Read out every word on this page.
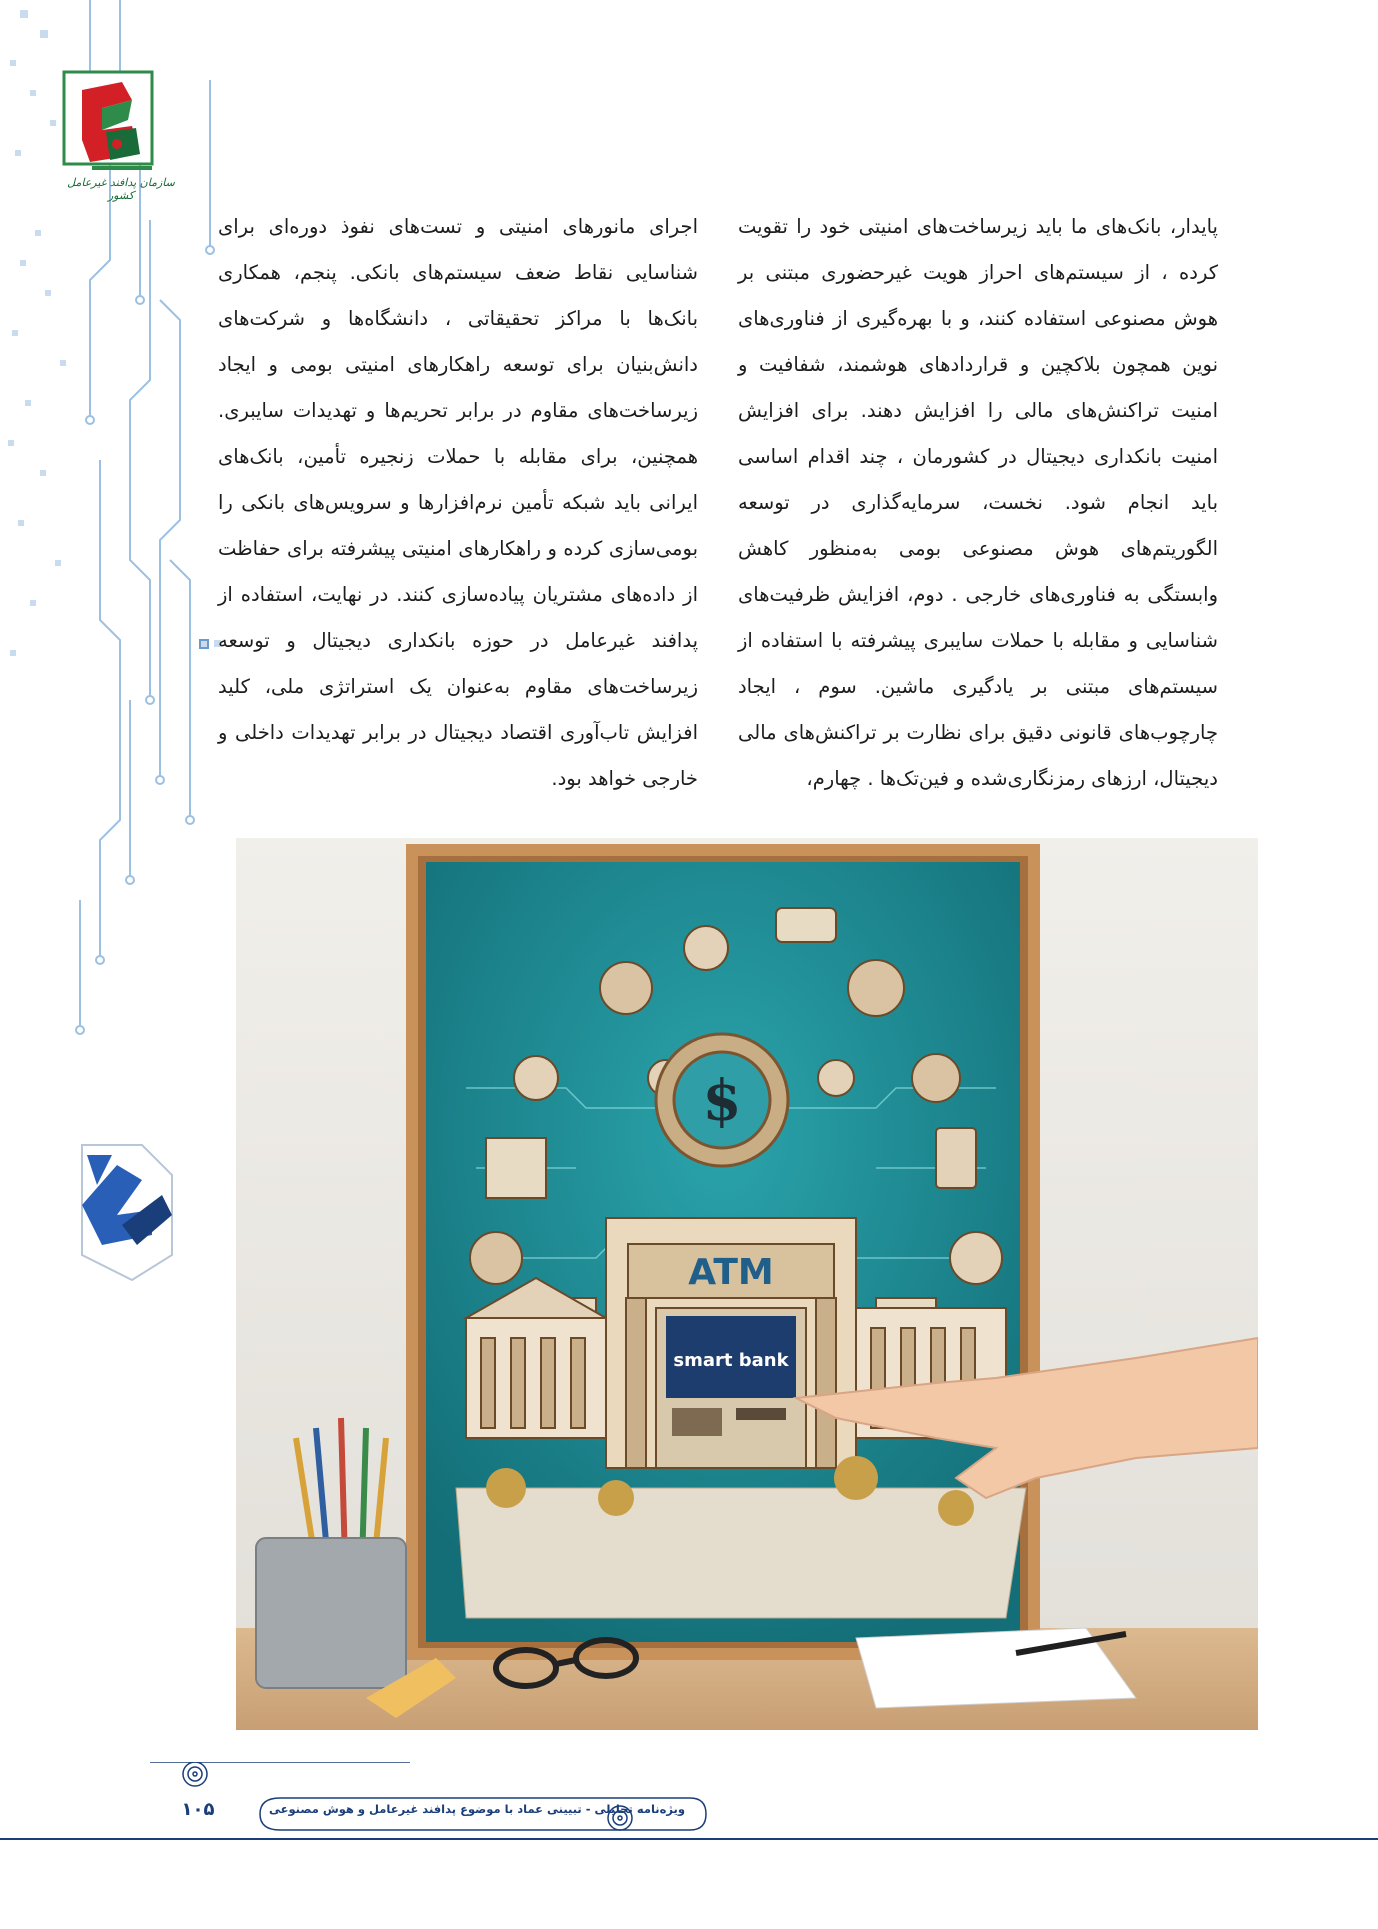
سازمان پدافند غیرعامل کشور

پایدار، بانک‌های ما باید زیرساخت‌های امنیتی خود را تقویت کرده ، از سیستم‌های احراز هویت غیرحضوری مبتنی بر هوش مصنوعی استفاده کنند، و با بهره‌گیری از فناوری‌های نوین همچون بلاکچین و قراردادهای هوشمند، شفافیت و امنیت تراکنش‌های مالی را افزایش دهند. برای افزایش امنیت بانکداری دیجیتال در کشورمان ، چند اقدام اساسی باید انجام شود. نخست، سرمایه‌گذاری در توسعه الگوریتم‌های هوش مصنوعی بومی به‌منظور کاهش وابستگی به فناوری‌های خارجی . دوم، افزایش ظرفیت‌های شناسایی و مقابله با حملات سایبری پیشرفته با استفاده از سیستم‌های مبتنی بر یادگیری ماشین. سوم ، ایجاد چارچوب‌های قانونی دقیق برای نظارت بر تراکنش‌های مالی دیجیتال، ارزهای رمزنگاری‌شده و فین‌تک‌ها . چهارم،

اجرای مانورهای امنیتی و تست‌های نفوذ دوره‌ای برای شناسایی نقاط ضعف سیستم‌های بانکی. پنجم، همکاری بانک‌ها با مراکز تحقیقاتی ، دانشگاه‌ها و شرکت‌های دانش‌بنیان برای توسعه راهکارهای امنیتی بومی و ایجاد زیرساخت‌های مقاوم در برابر تحریم‌ها و تهدیدات سایبری. همچنین، برای مقابله با حملات زنجیره تأمین، بانک‌های ایرانی باید شبکه تأمین نرم‌افزارها و سرویس‌های بانکی را بومی‌سازی کرده و راهکارهای امنیتی پیشرفته برای حفاظت از داده‌های مشتریان پیاده‌سازی کنند. در نهایت، استفاده از پدافند غیرعامل در حوزه بانکداری دیجیتال و توسعه زیرساخت‌های مقاوم به‌عنوان یک استراتژی ملی، کلید افزایش تاب‌آوری اقتصاد دیجیتال در برابر تهدیدات داخلی و خارجی خواهد بود.

$
ATM
smart bank
۱۰۵	ویژه‌نامه تحلیلی - تبیینی عماد با موضوع پدافند غیرعامل و هوش مصنوعی
